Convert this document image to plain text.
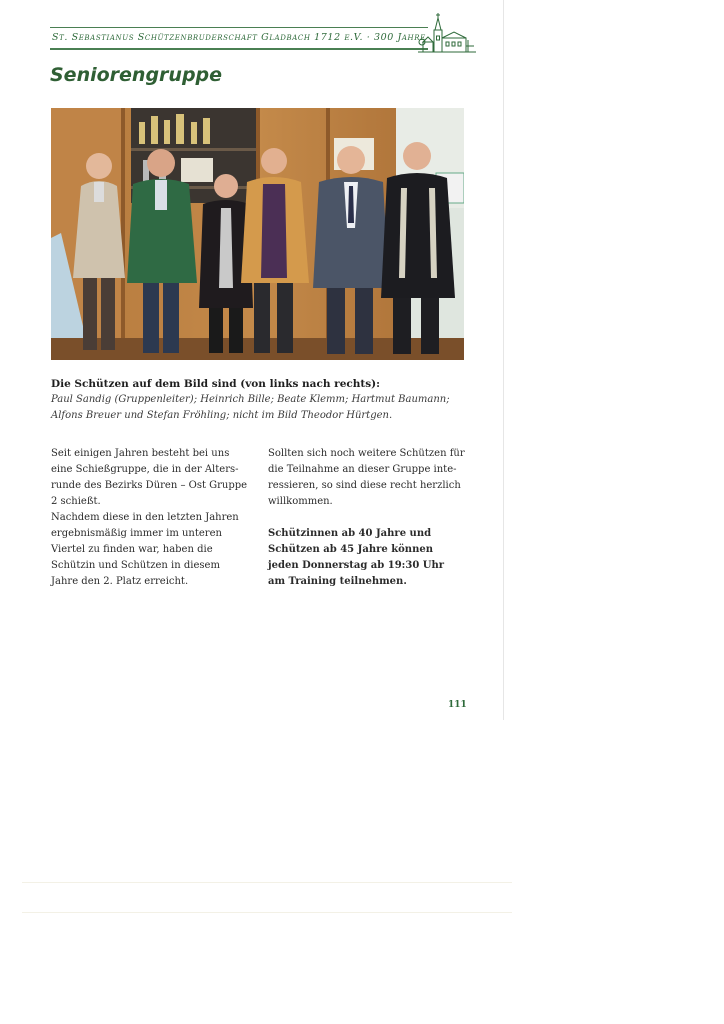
St. Sebastianus Schützenbruderschaft Gladbach 1712 e.V. · 300 Jahre
Seniorengruppe
Die Schützen auf dem Bild sind (von links nach rechts):
Paul Sandig (Gruppenleiter); Heinrich Bille; Beate Klemm; Hartmut Baumann;
Alfons Breuer und Stefan Fröhling; nicht im Bild Theodor Hürtgen.

Seit einigen Jahren besteht bei uns

eine Schießgruppe, die in der Alters-

runde des Bezirks Düren – Ost Gruppe

2 schießt.

Nachdem diese in den letzten Jahren

ergebnismäßig immer im unteren

Viertel zu finden war, haben die

Schützin und Schützen in diesem

Jahre den 2. Platz erreicht.

Sollten sich noch weitere Schützen für

die Teilnahme an dieser Gruppe inte-

ressieren, so sind diese recht herzlich

willkommen.

Schützinnen ab 40 Jahre und

Schützen ab 45 Jahre können

jeden Donnerstag ab 19:30 Uhr

am Training teilnehmen.

111
